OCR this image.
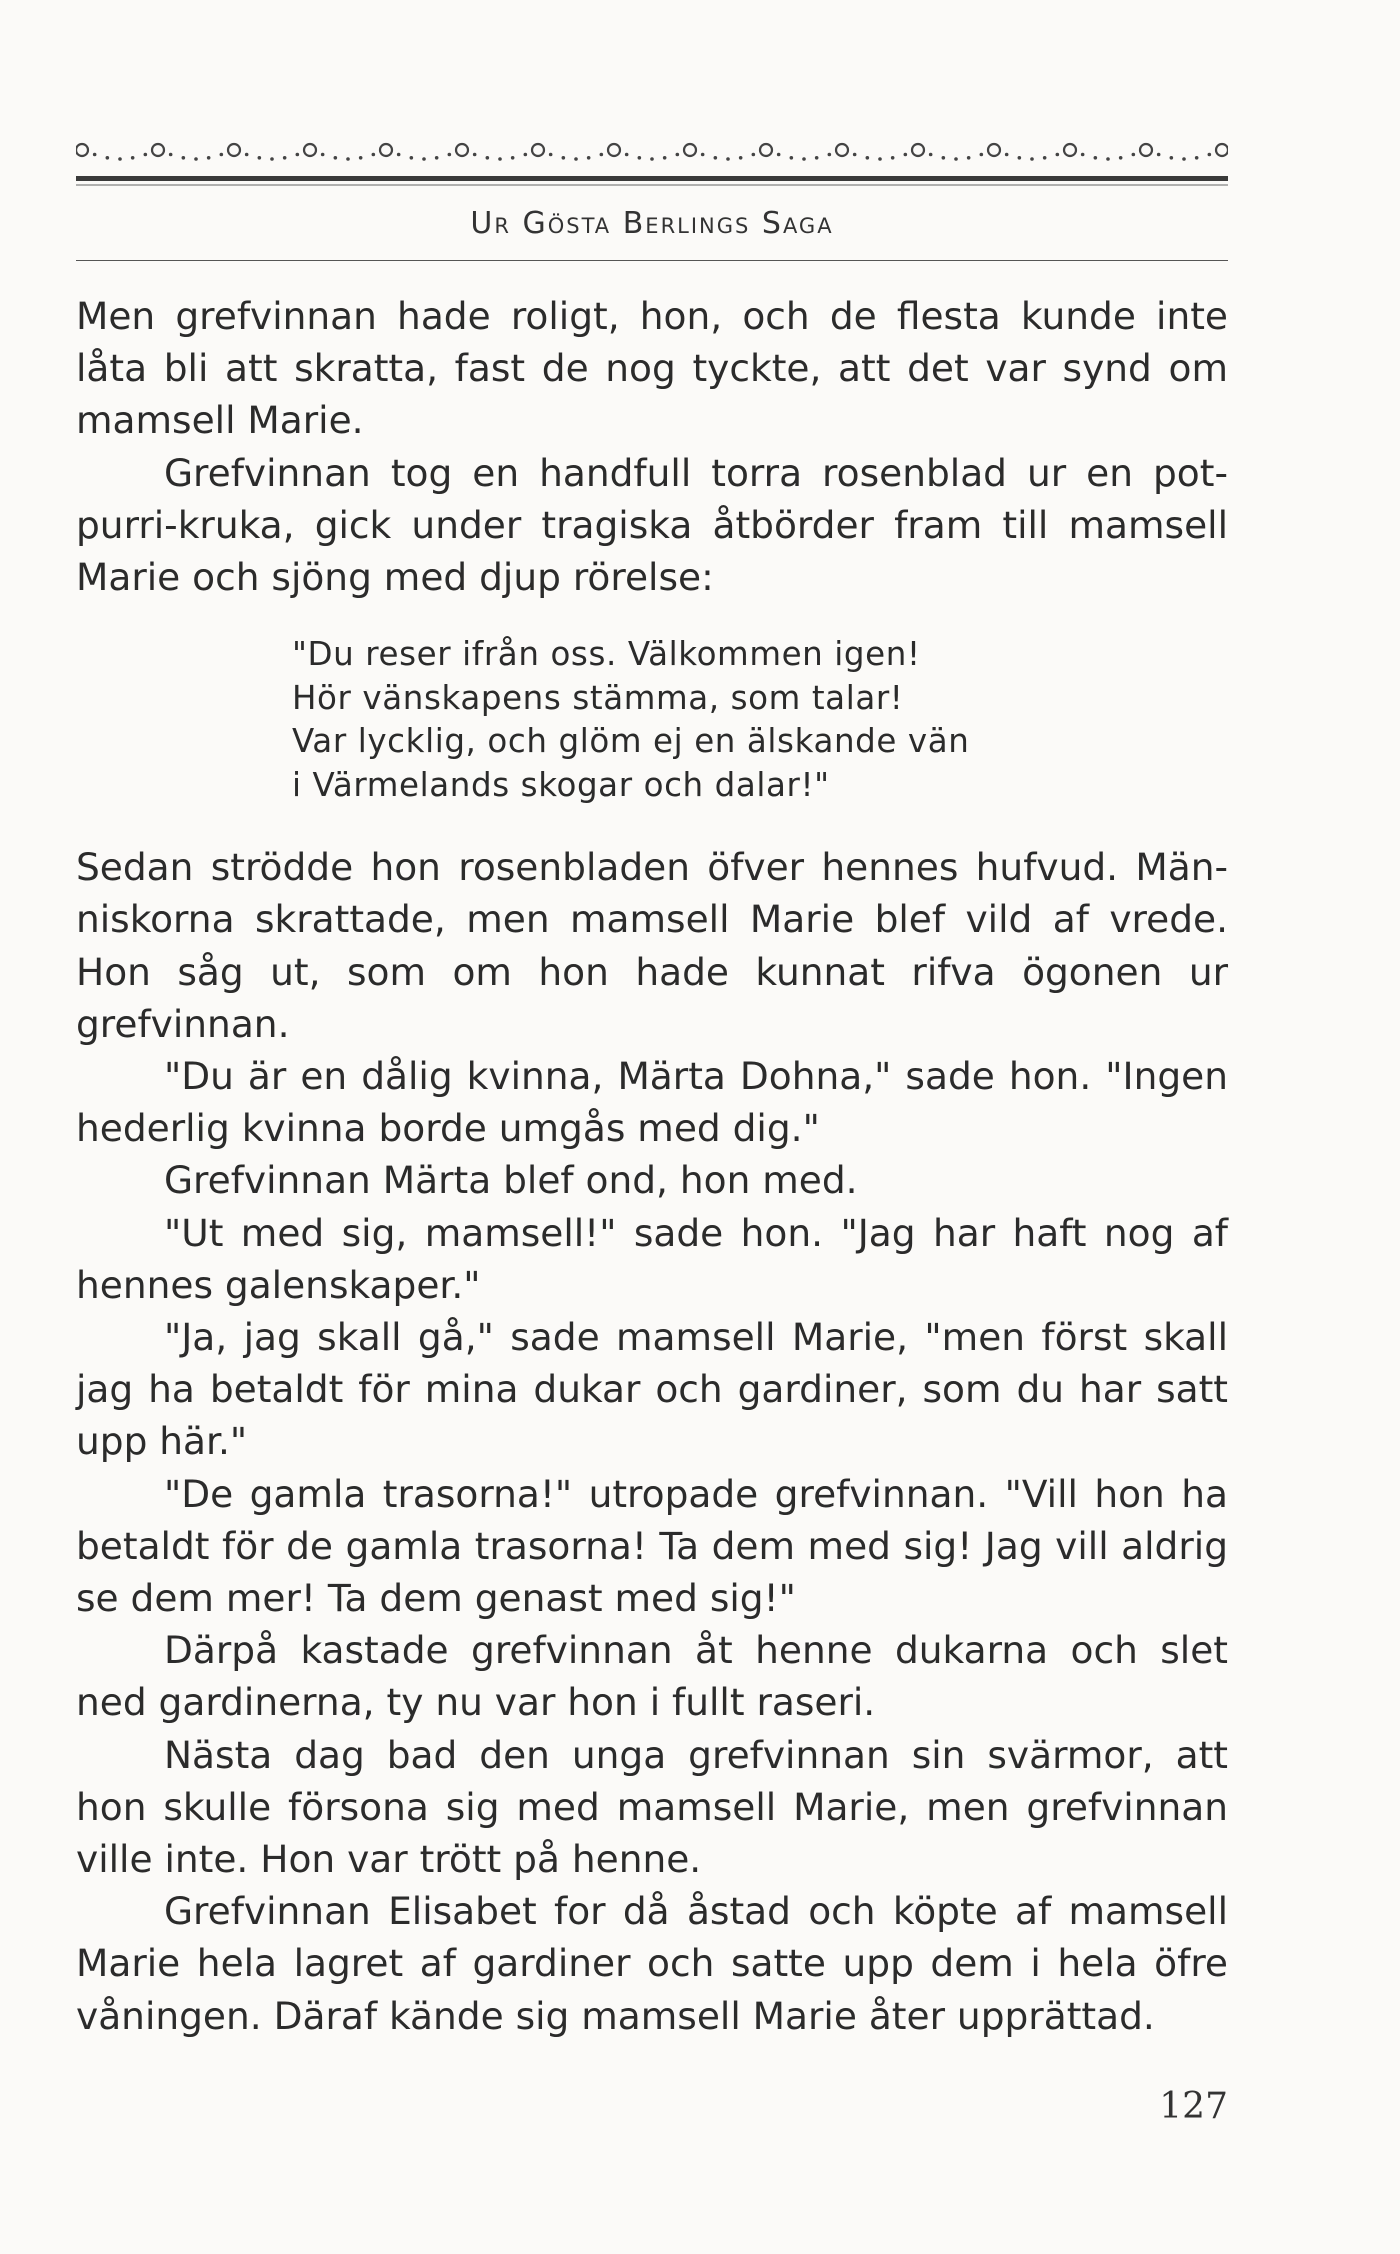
Ur Gösta Berlings Saga

Men grefvinnan hade roligt, hon, och de flesta kunde inte låta bli att skratta, fast de nog tyckte, att det var synd om mamsell Marie.

Grefvinnan tog en handfull torra rosenblad ur en pot-purri-kruka, gick under tragiska åtbörder fram till mamsell Marie och sjöng med djup rörelse:

"Du reser ifrån oss. Välkommen igen!
Hör vänskapens stämma, som talar!
Var lycklig, och glöm ej en älskande vän
i Värmelands skogar och dalar!"

Sedan strödde hon rosenbladen öfver hennes hufvud. Män-niskorna skrattade, men mamsell Marie blef vild af vrede. Hon såg ut, som om hon hade kunnat rifva ögonen ur grefvinnan.

"Du är en dålig kvinna, Märta Dohna," sade hon. "Ingen hederlig kvinna borde umgås med dig."

Grefvinnan Märta blef ond, hon med.

"Ut med sig, mamsell!" sade hon. "Jag har haft nog af hennes galenskaper."

"Ja, jag skall gå," sade mamsell Marie, "men först skall jag ha betaldt för mina dukar och gardiner, som du har satt upp här."

"De gamla trasorna!" utropade grefvinnan. "Vill hon ha betaldt för de gamla trasorna! Ta dem med sig! Jag vill aldrig se dem mer! Ta dem genast med sig!"

Därpå kastade grefvinnan åt henne dukarna och slet ned gardinerna, ty nu var hon i fullt raseri.

Nästa dag bad den unga grefvinnan sin svärmor, att hon skulle försona sig med mamsell Marie, men grefvinnan ville inte. Hon var trött på henne.

Grefvinnan Elisabet for då åstad och köpte af mamsell Marie hela lagret af gardiner och satte upp dem i hela öfre våningen. Däraf kände sig mamsell Marie åter upprättad.

127
